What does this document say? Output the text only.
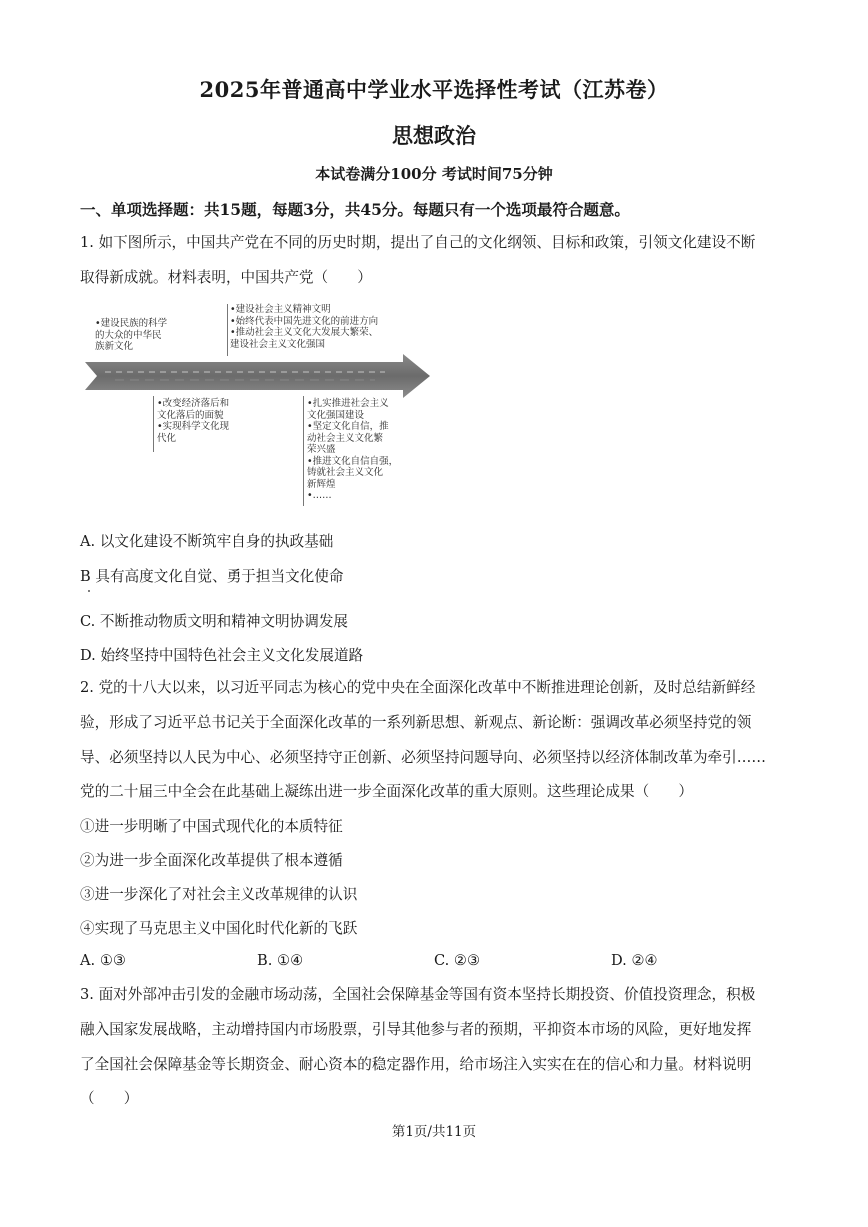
2025年普通高中学业水平选择性考试（江苏卷）
思想政治
本试卷满分100分 考试时间75分钟
一、单项选择题：共15题，每题3分，共45分。每题只有一个选项最符合题意。
1. 如下图所示，中国共产党在不同的历史时期，提出了自己的文化纲领、目标和政策，引领文化建设不断
取得新成就。材料表明，中国共产党（　　）
•建设民族的科学
的大众的中华民
族新文化
•建设社会主义精神文明
•始终代表中国先进文化的前进方向
•推动社会主义文化大发展大繁荣、
建设社会主义文化强国
•改变经济落后和
文化落后的面貌
•实现科学文化现
代化
•扎实推进社会主义
文化强国建设
•坚定文化自信，推
动社会主义文化繁
荣兴盛
•推进文化自信自强，
铸就社会主义文化
新辉煌
•……
A. 以文化建设不断筑牢自身的执政基础
B 具有高度文化自觉、勇于担当文化使命
C. 不断推动物质文明和精神文明协调发展
D. 始终坚持中国特色社会主义文化发展道路
2. 党的十八大以来，以习近平同志为核心的党中央在全面深化改革中不断推进理论创新，及时总结新鲜经
验，形成了习近平总书记关于全面深化改革的一系列新思想、新观点、新论断：强调改革必须坚持党的领
导、必须坚持以人民为中心、必须坚持守正创新、必须坚持问题导向、必须坚持以经济体制改革为牵引……
党的二十届三中全会在此基础上凝练出进一步全面深化改革的重大原则。这些理论成果（　　）
①进一步明晰了中国式现代化的本质特征
②为进一步全面深化改革提供了根本遵循
③进一步深化了对社会主义改革规律的认识
④实现了马克思主义中国化时代化新的飞跃
A. ①③	B. ①④	C. ②③	D. ②④
3. 面对外部冲击引发的金融市场动荡，全国社会保障基金等国有资本坚持长期投资、价值投资理念，积极
融入国家发展战略，主动增持国内市场股票，引导其他参与者的预期，平抑资本市场的风险，更好地发挥
了全国社会保障基金等长期资金、耐心资本的稳定器作用，给市场注入实实在在的信心和力量。材料说明
（　　）
第1页/共11页
